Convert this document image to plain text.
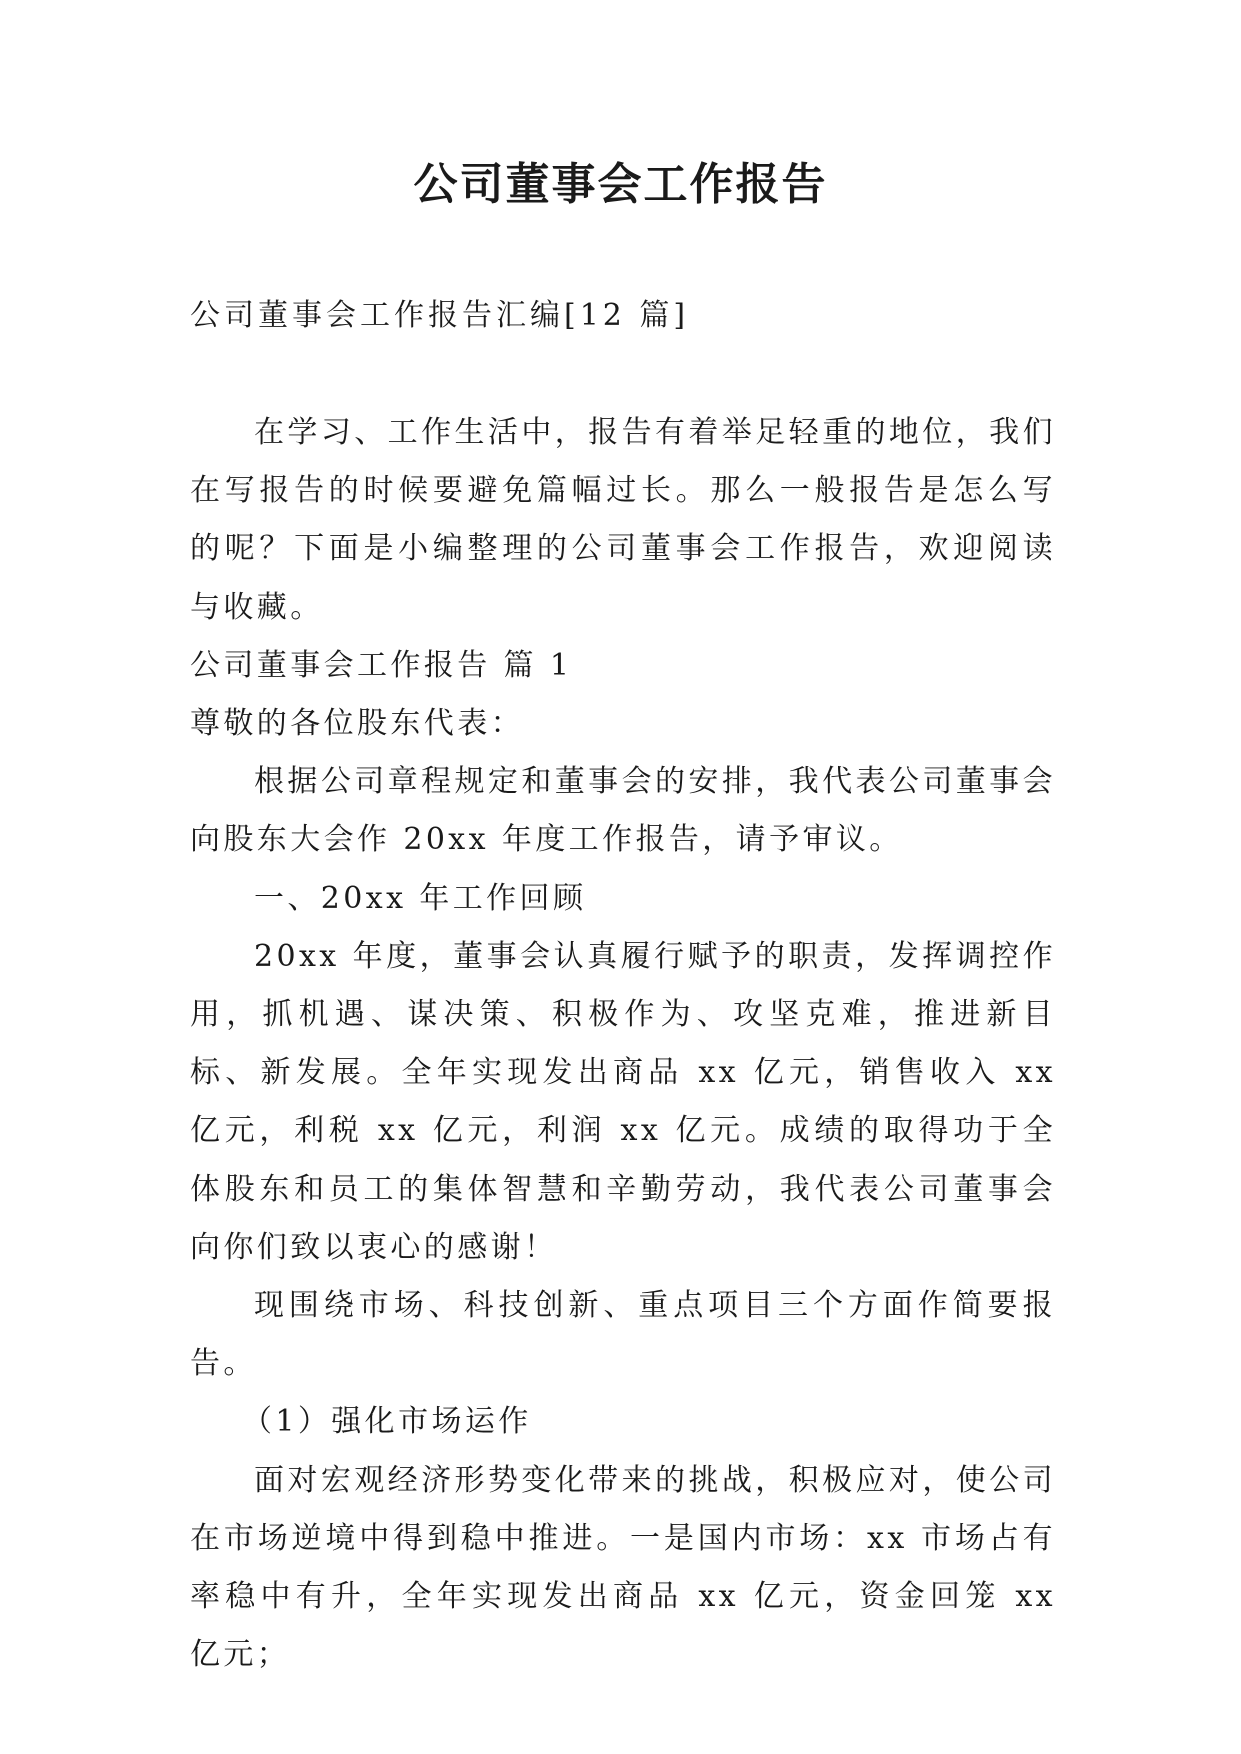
公司董事会工作报告
公司董事会工作报告汇编[12 篇]

在学习、工作生活中，报告有着举足轻重的地位，我们在写报告的时候要避免篇幅过长。那么一般报告是怎么写的呢？下面是小编整理的公司董事会工作报告，欢迎阅读与收藏。

公司董事会工作报告 篇 1

尊敬的各位股东代表：

根据公司章程规定和董事会的安排，我代表公司董事会向股东大会作 20xx 年度工作报告，请予审议。

一、20xx 年工作回顾

20xx 年度，董事会认真履行赋予的职责，发挥调控作用，抓机遇、谋决策、积极作为、攻坚克难，推进新目标、新发展。全年实现发出商品 xx 亿元，销售收入 xx 亿元，利税 xx 亿元，利润 xx 亿元。成绩的取得功于全体股东和员工的集体智慧和辛勤劳动，我代表公司董事会向你们致以衷心的感谢！

现围绕市场、科技创新、重点项目三个方面作简要报告。

（1）强化市场运作

面对宏观经济形势变化带来的挑战，积极应对，使公司在市场逆境中得到稳中推进。一是国内市场：xx 市场占有率稳中有升，全年实现发出商品 xx 亿元，资金回笼 xx 亿元；
